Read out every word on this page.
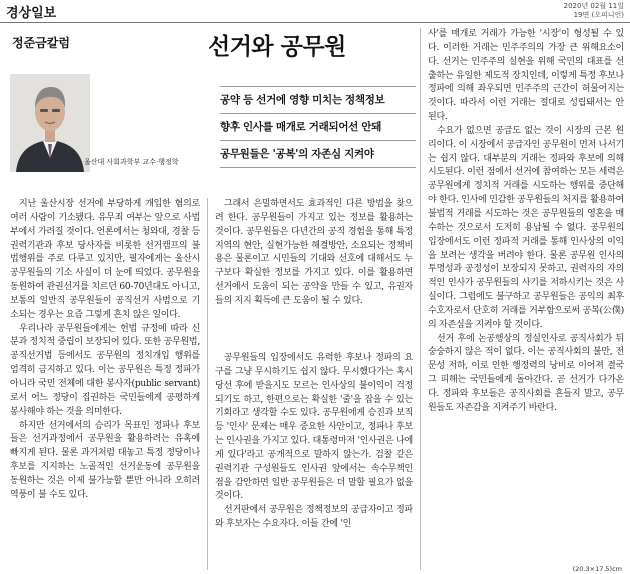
경상일보	2020년 02월 11일
19면 (오피니언)
정준금칼럼	선거와 공무원
울산대 사회과학부 교수·행정학
공약 등 선거에 영향 미치는 정책정보
향후 인사를 매개로 거래되어선 안돼
공무원들은 '공복'의 자존심 지켜야

지난 울산시장 선거에 부당하게 개입한 혐의로 여러 사람이 기소됐다. 유무죄 여부는 앞으로 사법부에서 가려질 것이다. 언론에서는 청와대, 경찰 등 권력기관과 후보 당사자를 비롯한 선거캠프의 불법행위를 주로 다루고 있지만, 필자에게는 울산시 공무원들의 기소 사실이 더 눈에 띄었다. 공무원을 동원하여 관권선거를 치르던 60-70년대도 아니고, 보통의 일반직 공무원들이 공직선거 사범으로 기소되는 경우는 요즘 그렇게 흔치 않은 일이다.

우리나라 공무원들에게는 헌법 규정에 따라 신분과 정치적 중립이 보장되어 있다. 또한 공무원법, 공직선거법 등에서도 공무원의 정치개입 행위를 엄격히 금지하고 있다. 이는 공무원은 특정 정파가 아니라 국민 전체에 대한 봉사자(public servant)로서 어느 정당이 집권하든 국민들에게 공평하게 봉사해야 하는 것을 의미한다.

하지만 선거에서의 승리가 목표인 정파나 후보들은 선거과정에서 공무원을 활용하려는 유혹에 빠지게 된다. 물론 과거처럼 대놓고 특정 정당이나 후보를 지지하는 노골적인 선거운동에 공무원을 동원하는 것은 이제 불가능할 뿐만 아니라 오히려 역풍이 불 수도 있다.

그래서 은밀하면서도 효과적인 다른 방법을 찾으려 한다. 공무원들이 가지고 있는 정보를 활용하는 것이다. 공무원들은 다년간의 공직 경험을 통해 특정 지역의 현안, 실현가능한 해결방안, 소요되는 정책비용은 물론이고 시민들의 기대와 선호에 대해서도 누구보다 확실한 정보를 가지고 있다. 이를 활용하면 선거에서 도움이 되는 공약을 만들 수 있고, 유권자들의 지지 획득에 큰 도움이 될 수 있다.

공무원들의 입장에서도 유력한 후보나 정파의 요구를 그냥 무시하기도 쉽지 않다. 무시했다가는 혹시 당선 후에 받을지도 모르는 인사상의 불이익이 걱정되기도 하고, 한편으로는 확실한 '줄'을 잡을 수 있는 기회라고 생각할 수도 있다. 공무원에게 승진과 보직 등 '인사' 문제는 매우 중요한 사안이고, 정파나 후보는 인사권을 가지고 있다. 대통령마저 '인사권은 나에게 있다'라고 공개적으로 말하지 않는가. 검찰 같은 권력기관 구성원들도 인사권 앞에서는 속수무책인 점을 감안하면 일반 공무원들은 더 말할 필요가 없을 것이다.

선거판에서 공무원은 정책정보의 공급자이고 정파와 후보자는 수요자다. 이들 간에 '인

사'를 매개로 거래가 가능한 '시장'이 형성될 수 있다. 이러한 거래는 민주주의의 가장 큰 위해요소이다. 선거는 민주주의 실현을 위해 국민의 대표를 선출하는 유일한 제도적 장치인데, 이렇게 특정 후보나 정파에 의해 좌우되면 민주주의 근간이 허물어지는 것이다. 따라서 이런 거래는 절대로 성립돼서는 안 된다.

수요가 없으면 공급도 없는 것이 시장의 근본 원리이다. 이 시장에서 공급자인 공무원이 먼저 나서기는 쉽지 않다. 대부분의 거래는 정파와 후보에 의해 시도된다. 이런 점에서 선거에 참여하는 모든 세력은 공무원에게 정치적 거래를 시도하는 행위를 중단해야 한다. 인사에 민감한 공무원들의 처지를 활용하여 불법적 거래를 시도하는 것은 공무원들의 영혼을 매수하는 것으로서 도저히 용납될 수 없다. 공무원의 입장에서도 이런 정파적 거래를 통해 인사상의 이익을 보려는 생각을 버려야 한다. 물론 공무원 인사의 투명성과 공정성이 보장되지 못하고, 권력자의 자의적인 인사가 공무원들의 사기를 저하시키는 것은 사실이다. 그럼에도 불구하고 공무원들은 공익의 최후 수호자로서 단호히 거래를 거부함으로써 공복(公僕)의 자존심을 지켜야 할 것이다.

선거 후에 논공행상의 정실인사로 공직사회가 뒤숭숭하지 않은 적이 없다. 이는 공직사회의 불만, 전문성 저하, 이로 인한 행정력의 낭비로 이어져 결국 그 피해는 국민들에게 돌아간다. 곧 선거가 다가온다. 정파와 후보들은 공직사회를 흔들지 말고, 공무원들도 자존감을 지켜주기 바란다.

(20.3×17.5)cm
